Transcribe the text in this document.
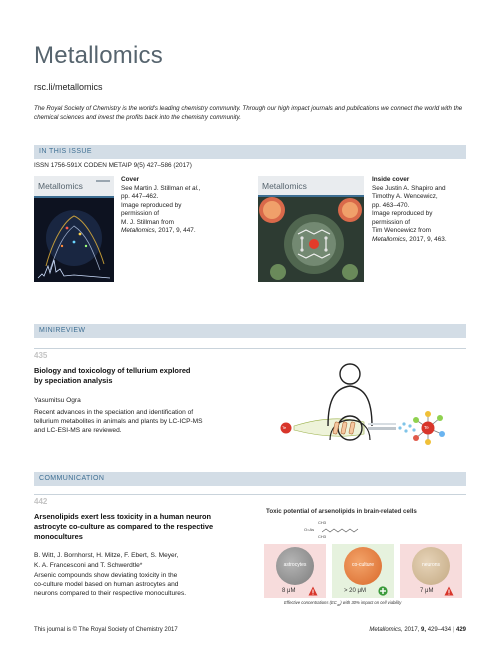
Metallomics
rsc.li/metallomics
The Royal Society of Chemistry is the world's leading chemistry community. Through our high impact journals and publications we connect the world with the chemical sciences and invest the profits back into the chemistry community.
IN THIS ISSUE
ISSN 1756-591X CODEN METAIP 9(5) 427–586 (2017)
Metallomics
Cover
See Martin J. Stillman et al.,
pp. 447–462.
Image reproduced by
permission of
M. J. Stillman from
Metallomics, 2017, 9, 447.
Metallomics
Inside cover
See Justin A. Shapiro and
Timothy A. Wencewicz,
pp. 463–470.
Image reproduced by
permission of
Tim Wencewicz from
Metallomics, 2017, 9, 463.
MINIREVIEW
435
Biology and toxicology of tellurium explored
by speciation analysis
Yasumitsu Ogra
Recent advances in the speciation and identification of
tellurium metabolites in animals and plants by LC-ICP-MS
and LC-ESI-MS are reviewed.	Te	Te
COMMUNICATION
442
Arsenolipids exert less toxicity in a human neuron
astrocyte co-culture as compared to the respective
monocultures
B. Witt, J. Bornhorst, H. Mitze, F. Ebert, S. Meyer,
K. A. Francesconi and T. Schwerdtle*
Arsenic compounds show deviating toxicity in the
co-culture model based on human astrocytes and
neurons compared to their respective monocultures.
Toxic potential of arsenolipids in brain-related cells
CH3
O=As
CH3
astrocytes
8 μM
co-culture
> 20 μM
neurons
7 μM
Effective concentrations $(EC_{30})$ with 30% impact on cell viability
This journal is © The Royal Society of Chemistry 2017	Metallomics, 2017, 9, 429–434 | 429
